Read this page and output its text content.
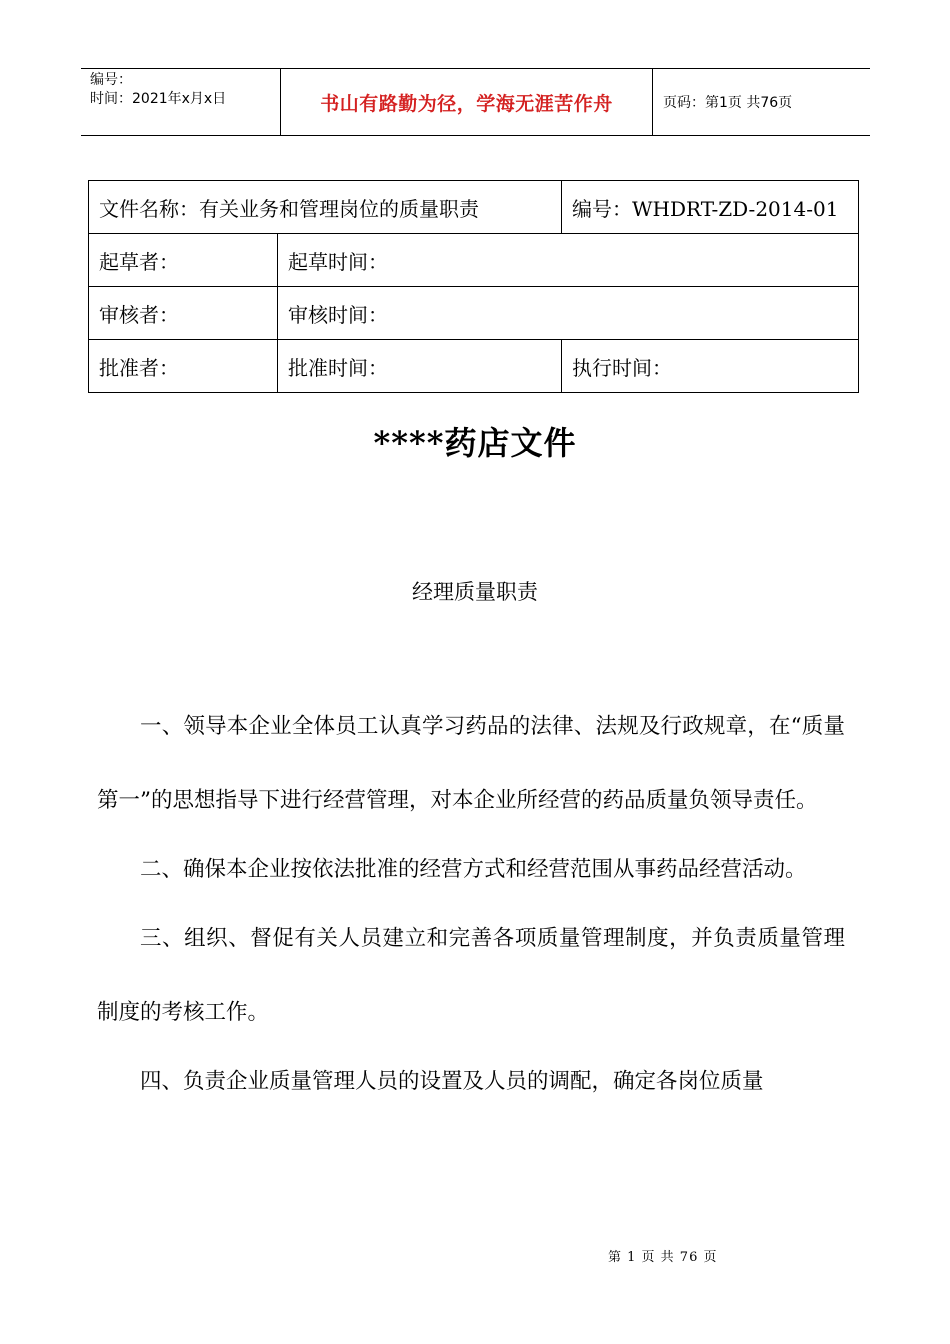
编号：
时间：2021年x月x日	书山有路勤为径，学海无涯苦作舟	页码：第1页 共76页
文件名称：有关业务和管理岗位的质量职责		编号：WHDRT-ZD-2014-01
起草者：	起草时间：	
审核者：	审核时间：	
批准者：	批准时间：	执行时间：
****药店文件
经理质量职责

一、领导本企业全体员工认真学习药品的法律、法规及行政规章，在“质量第一”的思想指导下进行经营管理，对本企业所经营的药品质量负领导责任。

二、确保本企业按依法批准的经营方式和经营范围从事药品经营活动。

三、组织、督促有关人员建立和完善各项质量管理制度，并负责质量管理制度的考核工作。

四、负责企业质量管理人员的设置及人员的调配，确定各岗位质量

第 1 页 共 76 页
